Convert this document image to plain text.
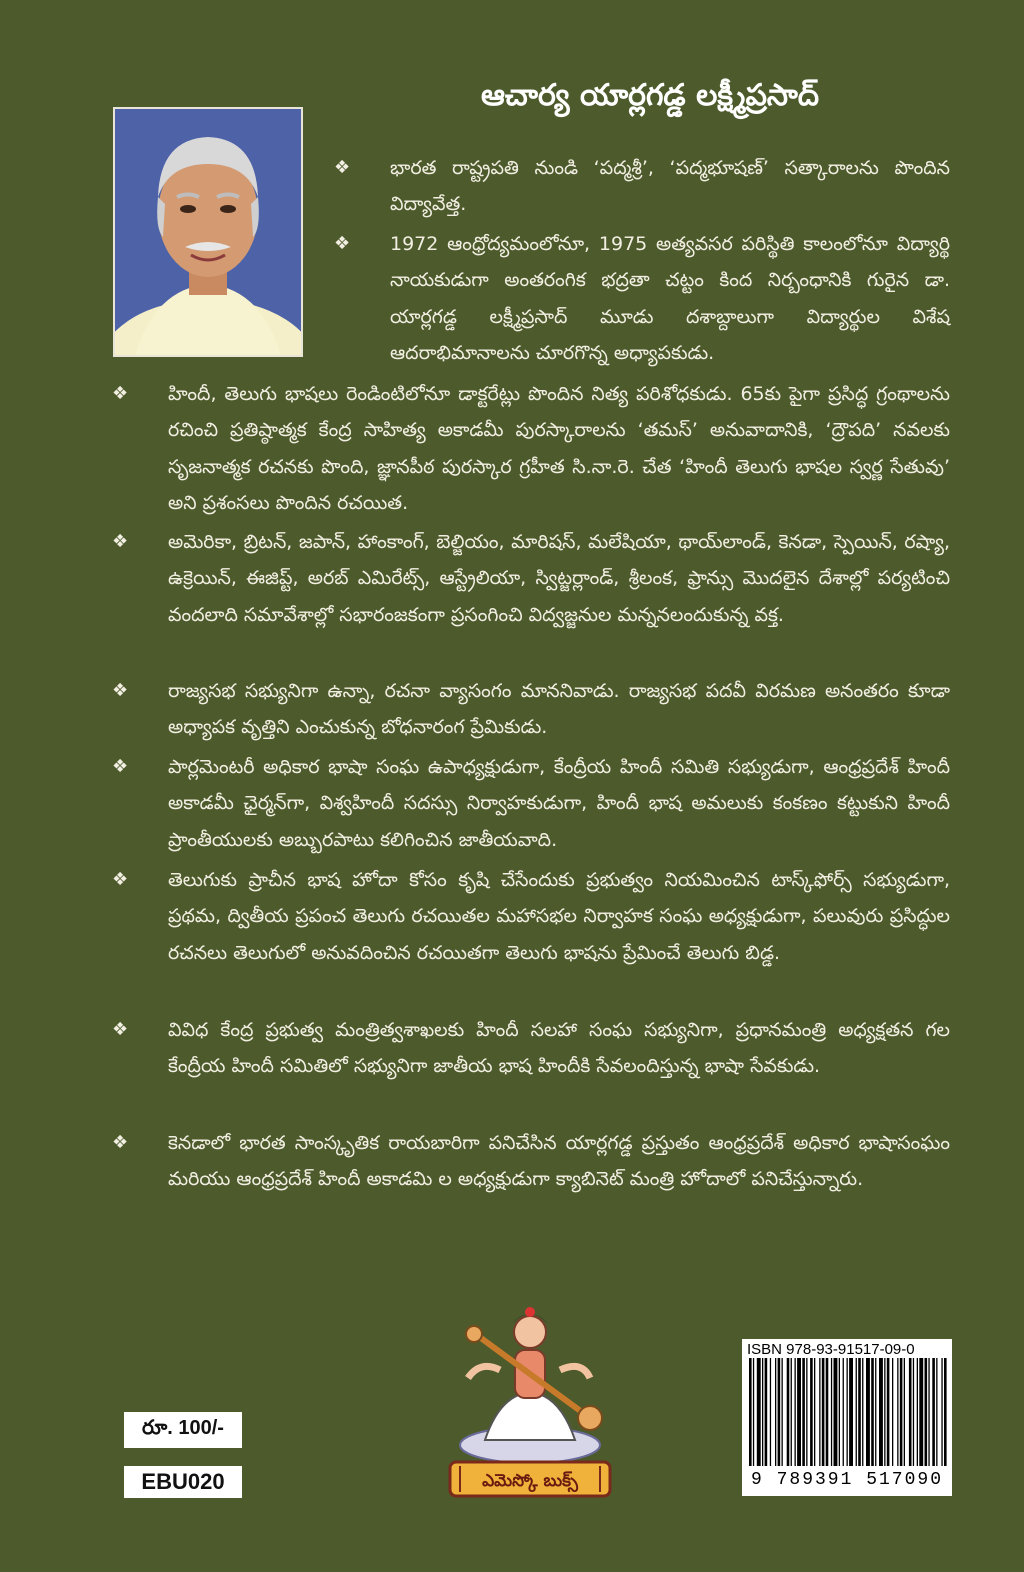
ఆచార్య యార్లగడ్డ లక్ష్మీప్రసాద్
❖ భారత రాష్ట్రపతి నుండి ‘పద్మశ్రీ’, ‘పద్మభూషణ్’ సత్కారాలను పొందిన విద్యావేత్త.
❖ 1972 ఆంధ్రోద్యమంలోనూ, 1975 అత్యవసర పరిస్థితి కాలంలోనూ విద్యార్థి నాయకుడుగా అంతరంగిక భద్రతా చట్టం కింద నిర్బంధానికి గురైన డా. యార్లగడ్డ లక్ష్మీప్రసాద్ మూడు దశాబ్దాలుగా విద్యార్థుల విశేష ఆదరాభిమానాలను చూరగొన్న అధ్యాపకుడు.
❖ హిందీ, తెలుగు భాషలు రెండింటిలోనూ డాక్టరేట్లు పొందిన నిత్య పరిశోధకుడు. 65కు పైగా ప్రసిద్ధ గ్రంథాలను రచించి ప్రతిష్ఠాత్మక కేంద్ర సాహిత్య అకాడమీ పురస్కారాలను ‘తమస్’ అనువాదానికి, ‘ద్రౌపది’ నవలకు సృజనాత్మక రచనకు పొంది, జ్ఞానపీఠ పురస్కార గ్రహీత సి.నా.రె. చేత ‘హిందీ తెలుగు భాషల స్వర్ణ సేతువు’ అని ప్రశంసలు పొందిన రచయిత.
❖ అమెరికా, బ్రిటన్, జపాన్, హాంకాంగ్, బెల్జియం, మారిషస్, మలేషియా, థాయ్‌లాండ్, కెనడా, స్పెయిన్, రష్యా, ఉక్రెయిన్, ఈజిప్ట్, అరబ్ ఎమిరేట్స్, ఆస్ట్రేలియా, స్విట్జర్లాండ్, శ్రీలంక, ఫ్రాన్సు మొదలైన దేశాల్లో పర్యటించి వందలాది సమావేశాల్లో సభారంజకంగా ప్రసంగించి విద్వజ్జనుల మన్ననలందుకున్న వక్త.
❖ రాజ్యసభ సభ్యునిగా ఉన్నా, రచనా వ్యాసంగం మాననివాడు. రాజ్యసభ పదవీ విరమణ అనంతరం కూడా అధ్యాపక వృత్తిని ఎంచుకున్న బోధనారంగ ప్రేమికుడు.
❖ పార్లమెంటరీ అధికార భాషా సంఘ ఉపాధ్యక్షుడుగా, కేంద్రీయ హిందీ సమితి సభ్యుడుగా, ఆంధ్రప్రదేశ్ హిందీ అకాడమీ ఛైర్మన్‌గా, విశ్వహిందీ సదస్సు నిర్వాహకుడుగా, హిందీ భాష అమలుకు కంకణం కట్టుకుని హిందీ ప్రాంతీయులకు అబ్బురపాటు కలిగించిన జాతీయవాది.
❖ తెలుగుకు ప్రాచీన భాష హోదా కోసం కృషి చేసేందుకు ప్రభుత్వం నియమించిన టాస్క్‌ఫోర్స్ సభ్యుడుగా, ప్రథమ, ద్వితీయ ప్రపంచ తెలుగు రచయితల మహాసభల నిర్వాహక సంఘ అధ్యక్షుడుగా, పలువురు ప్రసిద్ధుల రచనలు తెలుగులో అనువదించిన రచయితగా తెలుగు భాషను ప్రేమించే తెలుగు బిడ్డ.
❖ వివిధ కేంద్ర ప్రభుత్వ మంత్రిత్వశాఖలకు హిందీ సలహా సంఘ సభ్యునిగా, ప్రధానమంత్రి అధ్యక్షతన గల కేంద్రీయ హిందీ సమితిలో సభ్యునిగా జాతీయ భాష హిందీకి సేవలందిస్తున్న భాషా సేవకుడు.
❖ కెనడాలో భారత సాంస్కృతిక రాయబారిగా పనిచేసిన యార్లగడ్డ ప్రస్తుతం ఆంధ్రప్రదేశ్ అధికార భాషాసంఘం మరియు ఆంధ్రప్రదేశ్ హిందీ అకాడమి ల అధ్యక్షుడుగా క్యాబినెట్ మంత్రి హోదాలో పనిచేస్తున్నారు.
రూ. 100/-
EBU020	ఎమెస్కో బుక్స్
ISBN 978-93-91517-09-0
9 789391 517090
